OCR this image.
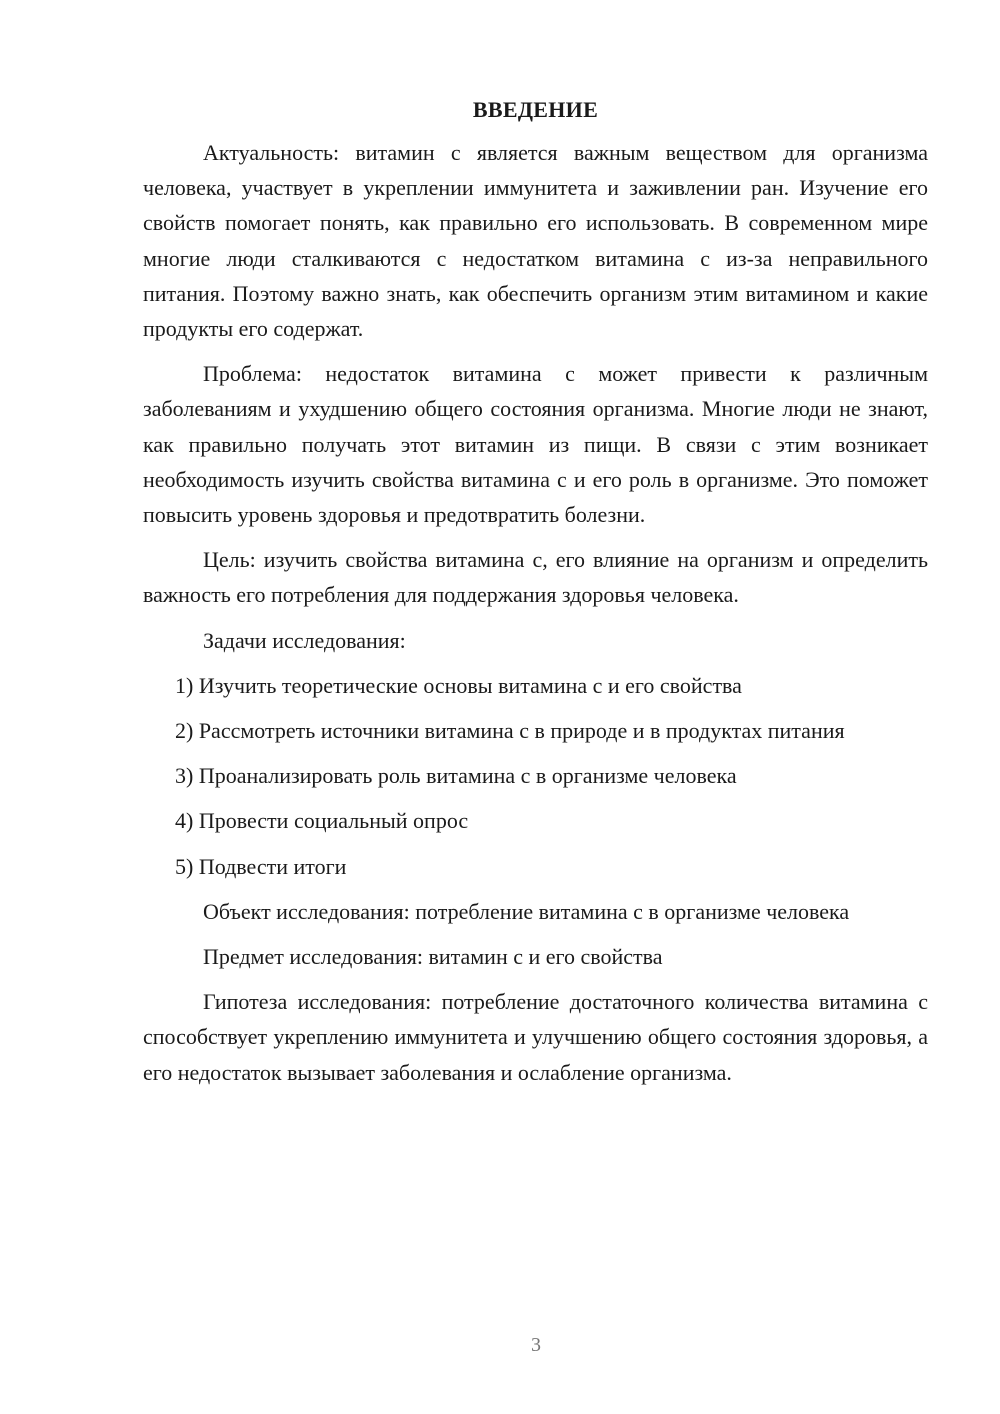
ВВЕДЕНИЕ

Актуальность: витамин с является важным веществом для организма человека, участвует в укреплении иммунитета и заживлении ран. Изучение его свойств помогает понять, как правильно его использовать. В современном мире многие люди сталкиваются с недостатком витамина с из-за неправильного питания. Поэтому важно знать, как обеспечить организм этим витамином и какие продукты его содержат.

Проблема: недостаток витамина с может привести к различным заболеваниям и ухудшению общего состояния организма. Многие люди не знают, как правильно получать этот витамин из пищи. В связи с этим возникает необходимость изучить свойства витамина с и его роль в организме. Это поможет повысить уровень здоровья и предотвратить болезни.

Цель: изучить свойства витамина с, его влияние на организм и определить важность его потребления для поддержания здоровья человека.

Задачи исследования:

1) Изучить теоретические основы витамина с и его свойства
2) Рассмотреть источники витамина с в природе и в продуктах питания
3) Проанализировать роль витамина с в организме человека
4) Провести социальный опрос
5) Подвести итоги

Объект исследования: потребление витамина с в организме человека

Предмет исследования: витамин с и его свойства

Гипотеза исследования: потребление достаточного количества витамина с способствует укреплению иммунитета и улучшению общего состояния здоровья, а его недостаток вызывает заболевания и ослабление организма.

3
